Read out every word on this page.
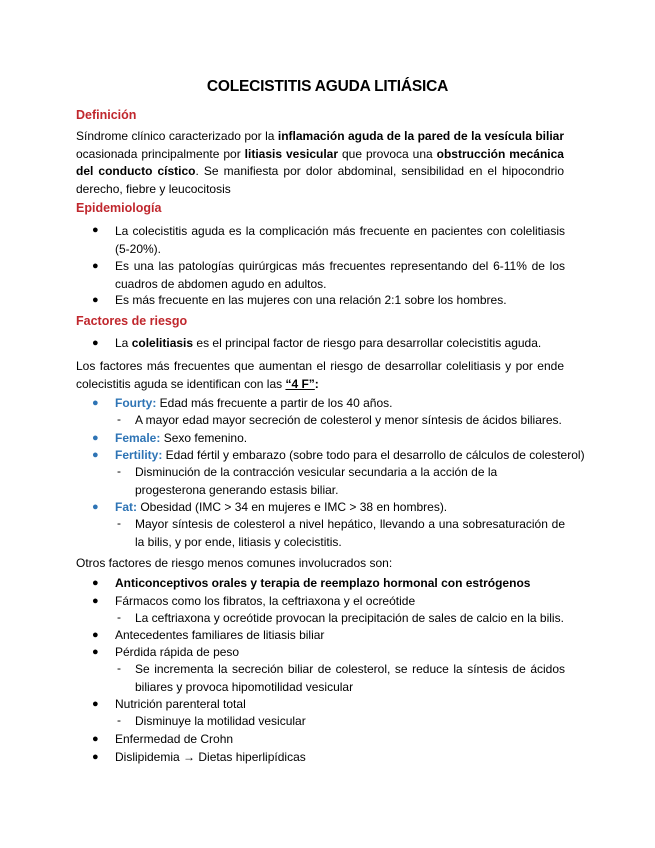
COLECISTITIS AGUDA LITIÁSICA
Definición
Síndrome clínico caracterizado por la inflamación aguda de la pared de la vesícula biliar ocasionada principalmente por litiasis vesicular que provoca una obstrucción mecánica del conducto cístico. Se manifiesta por dolor abdominal, sensibilidad en el hipocondrio derecho, fiebre y leucocitosis
Epidemiología
● La colecistitis aguda es la complicación más frecuente en pacientes con colelitiasis (5-20%).
● Es una las patologías quirúrgicas más frecuentes representando del 6-11% de los cuadros de abdomen agudo en adultos.
● Es más frecuente en las mujeres con una relación 2:1 sobre los hombres.
Factores de riesgo
● La colelitiasis es el principal factor de riesgo para desarrollar colecistitis aguda.
Los factores más frecuentes que aumentan el riesgo de desarrollar colelitiasis y por ende colecistitis aguda se identifican con las “4 F”:
● Fourty: Edad más frecuente a partir de los 40 años.
- A mayor edad mayor secreción de colesterol y menor síntesis de ácidos biliares.
● Female: Sexo femenino.
● Fertility: Edad fértil y embarazo (sobre todo para el desarrollo de cálculos de colesterol)
- Disminución de la contracción vesicular secundaria a la acción de la progesterona generando estasis biliar.
● Fat: Obesidad (IMC > 34 en mujeres e IMC > 38 en hombres).
- Mayor síntesis de colesterol a nivel hepático, llevando a una sobresaturación de la bilis, y por ende, litiasis y colecistitis.
Otros factores de riesgo menos comunes involucrados son:
● Anticonceptivos orales y terapia de reemplazo hormonal con estrógenos
● Fármacos como los fibratos, la ceftriaxona y el ocreótide
- La ceftriaxona y ocreótide provocan la precipitación de sales de calcio en la bilis.
● Antecedentes familiares de litiasis biliar
● Pérdida rápida de peso
- Se incrementa la secreción biliar de colesterol, se reduce la síntesis de ácidos biliares y provoca hipomotilidad vesicular
● Nutrición parenteral total
- Disminuye la motilidad vesicular
● Enfermedad de Crohn
● Dislipidemia → Dietas hiperlipídicas
